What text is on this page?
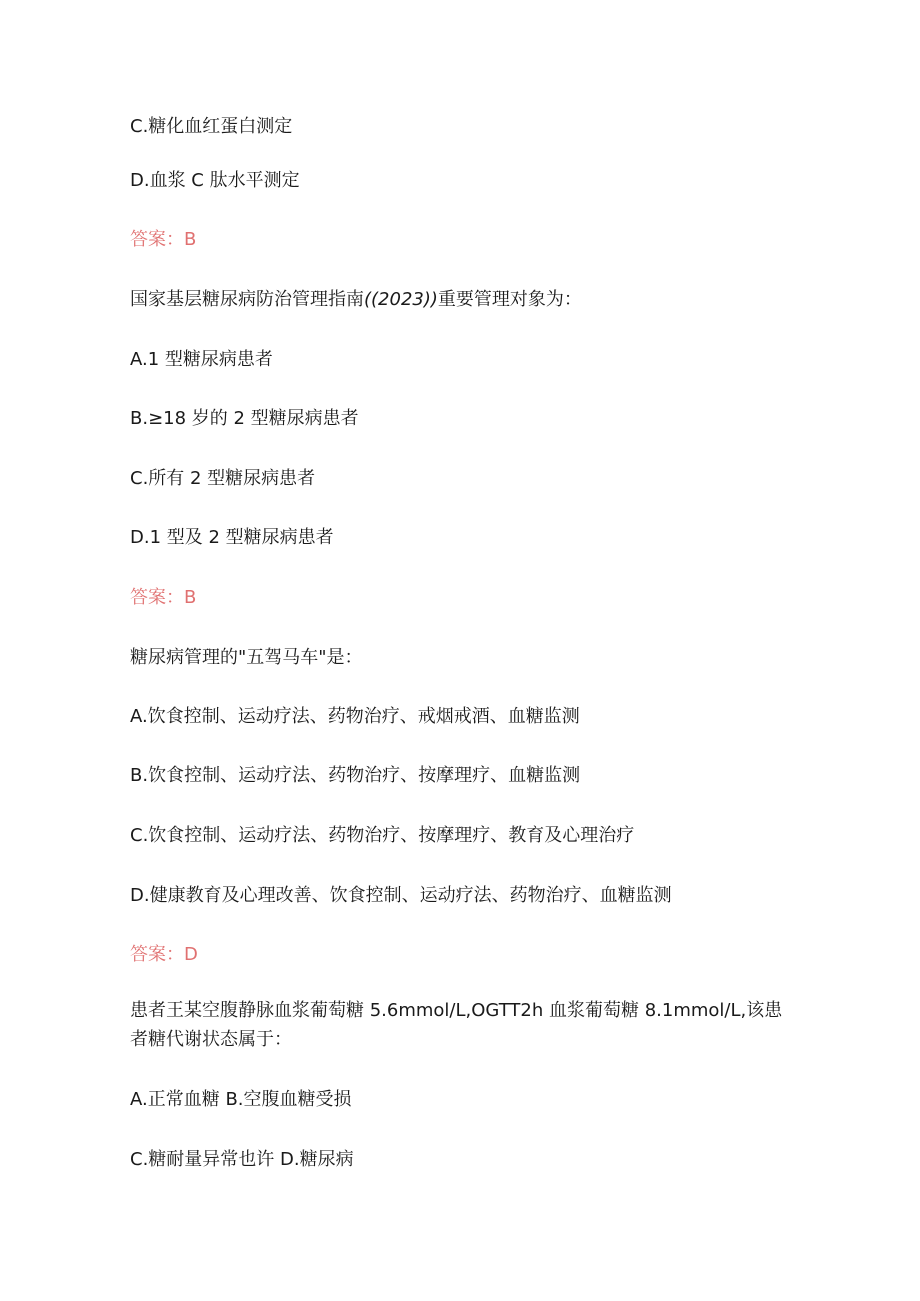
C.糖化血红蛋白测定

D.血浆 C 肽水平测定

答案：B

国家基层糖尿病防治管理指南((2023))重要管理对象为：

A.1 型糖尿病患者

B.≥18 岁的 2 型糖尿病患者

C.所有 2 型糖尿病患者

D.1 型及 2 型糖尿病患者

答案：B

糖尿病管理的"五驾马车"是：

A.饮食控制、运动疗法、药物治疗、戒烟戒酒、血糖监测

B.饮食控制、运动疗法、药物治疗、按摩理疗、血糖监测

C.饮食控制、运动疗法、药物治疗、按摩理疗、教育及心理治疗

D.健康教育及心理改善、饮食控制、运动疗法、药物治疗、血糖监测

答案：D

患者王某空腹静脉血浆葡萄糖 5.6mmol/L,OGTT2h 血浆葡萄糖 8.1mmol/L,该患
者糖代谢状态属于：

A.正常血糖 B.空腹血糖受损

C.糖耐量异常也许 D.糖尿病
